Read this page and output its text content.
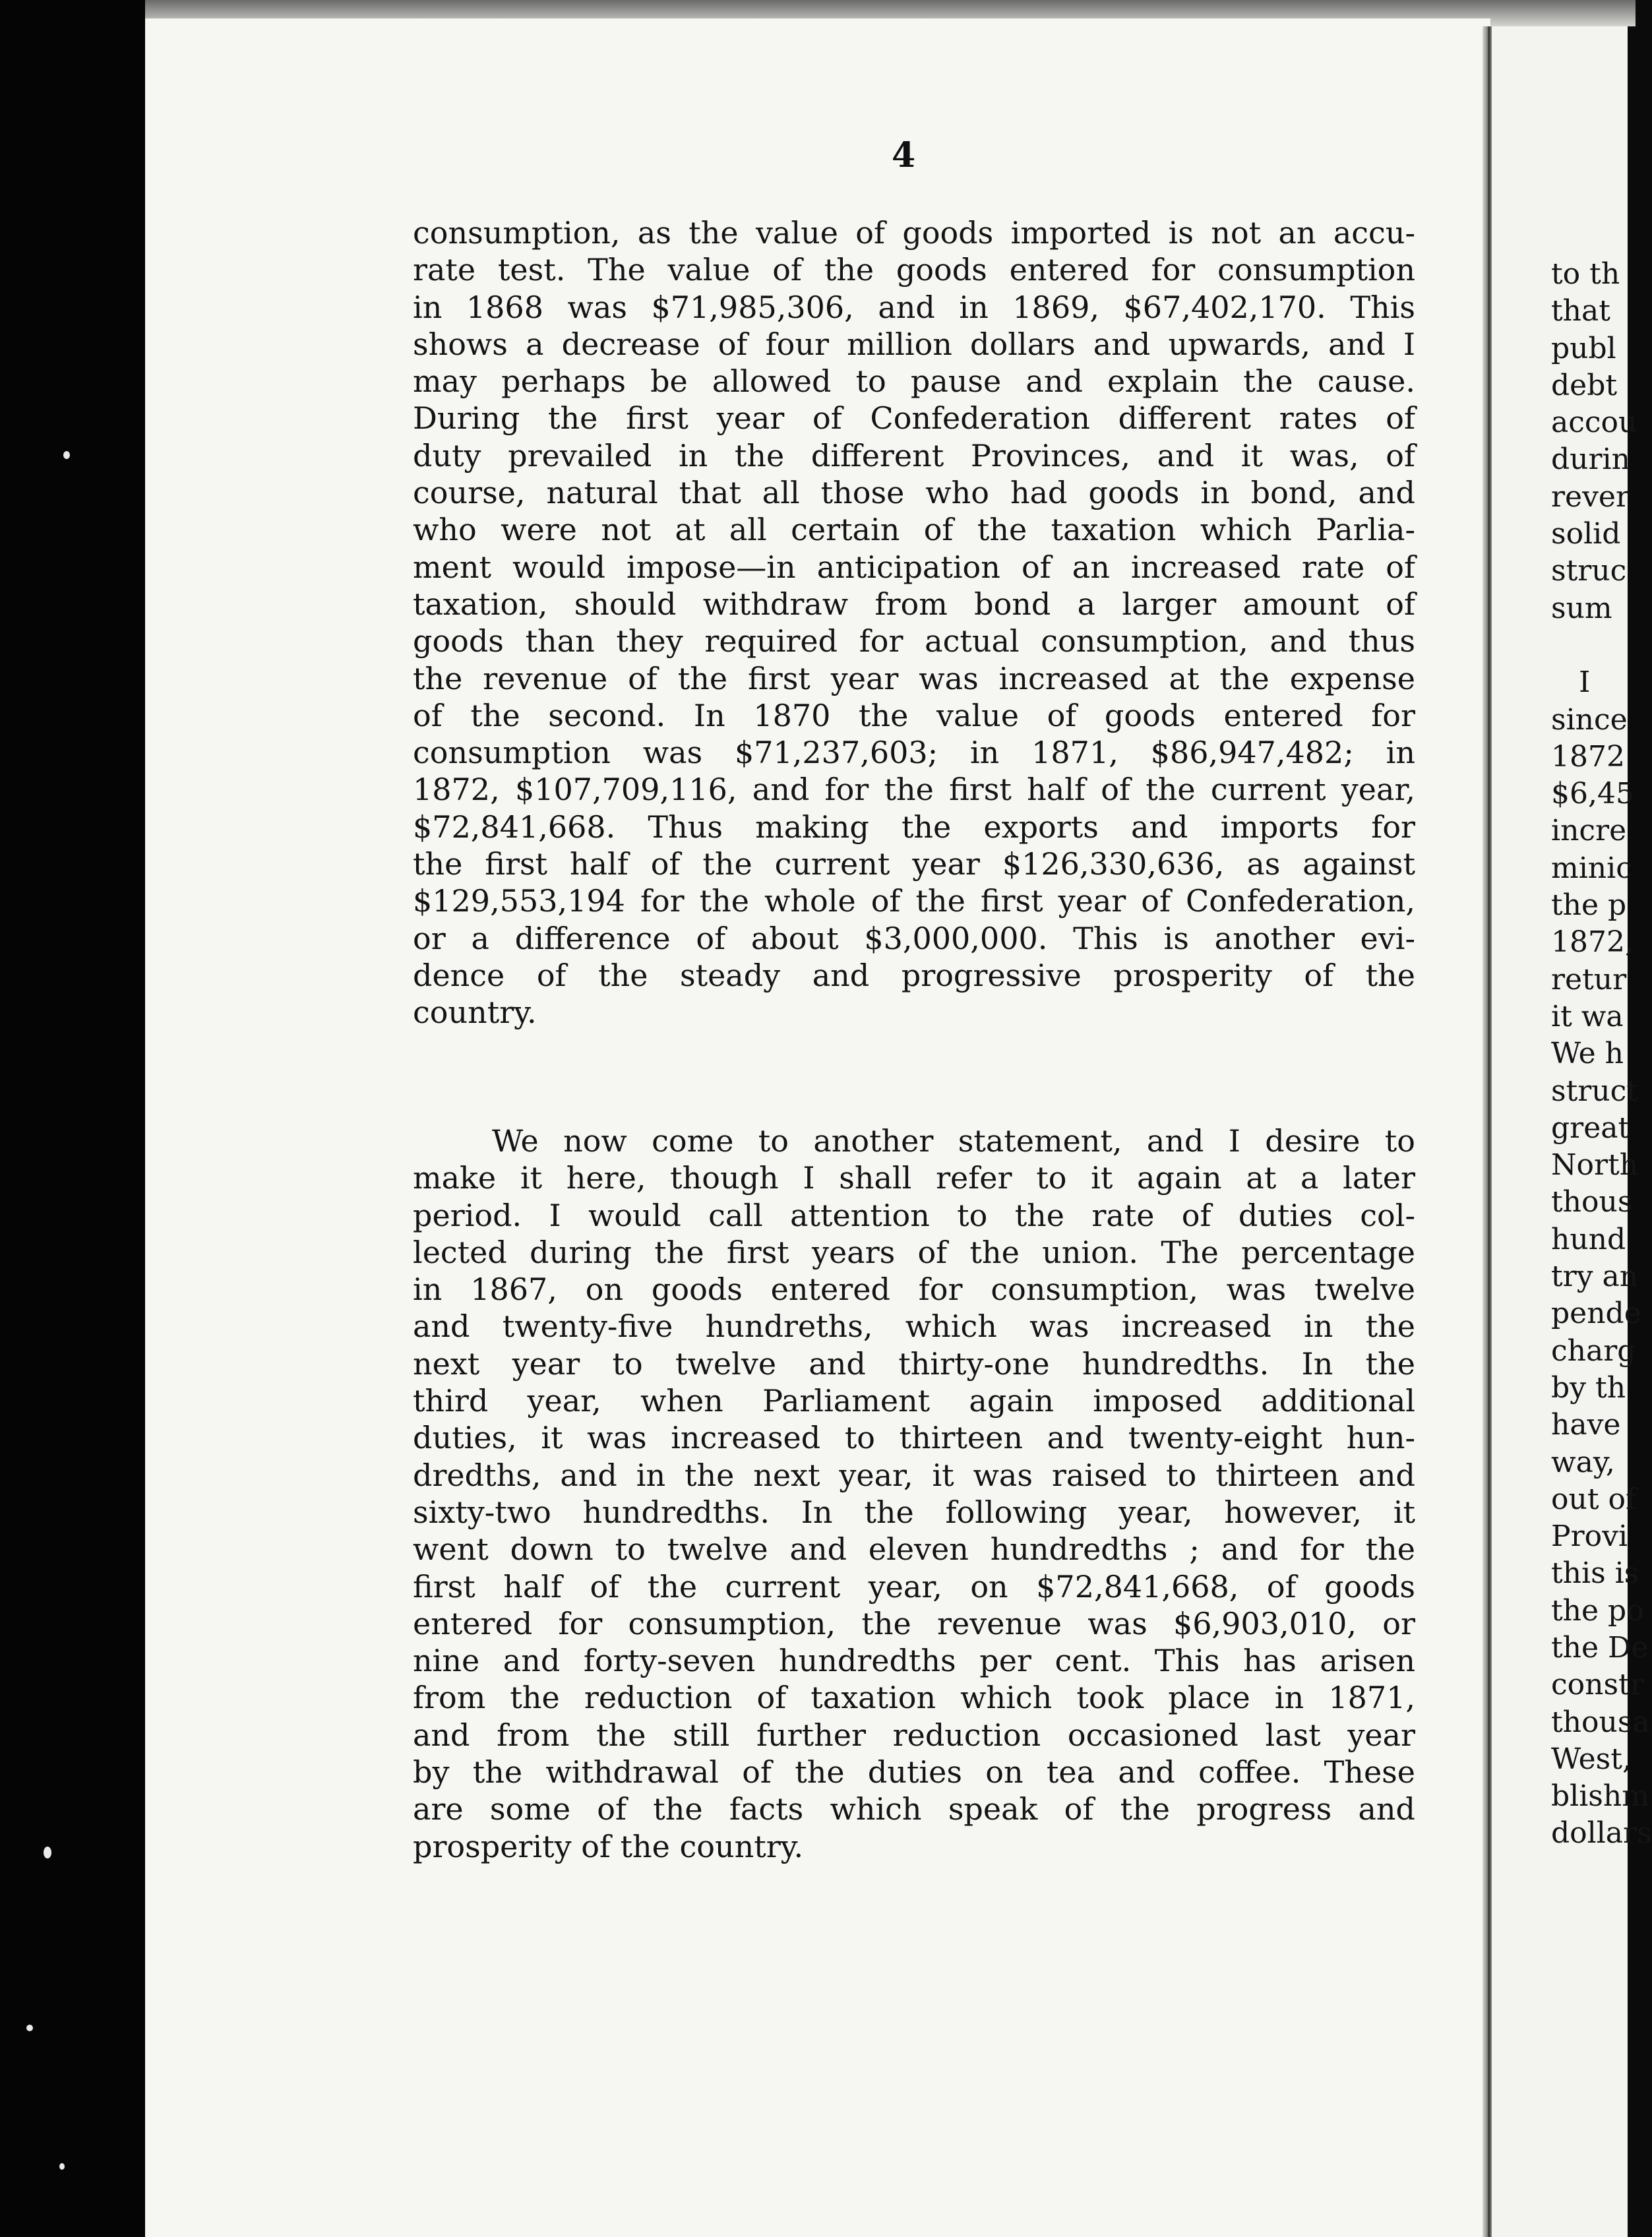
4

consumption, as the value of goods imported is not an accu-
rate test. The value of the goods entered for consumption
in 1868 was $71,985,306, and in 1869, $67,402,170. This
shows a decrease of four million dollars and upwards, and I
may perhaps be allowed to pause and explain the cause.
During the first year of Confederation different rates of
duty prevailed in the different Provinces, and it was, of
course, natural that all those who had goods in bond, and
who were not at all certain of the taxation which Parlia-
ment would impose—in anticipation of an increased rate of
taxation, should withdraw from bond a larger amount of
goods than they required for actual consumption, and thus
the revenue of the first year was increased at the expense
of the second. In 1870 the value of goods entered for
consumption was $71,237,603; in 1871, $86,947,482; in
1872, $107,709,116, and for the first half of the current year,
$72,841,668. Thus making the exports and imports for
the first half of the current year $126,330,636, as against
$129,553,194 for the whole of the first year of Confederation,
or a difference of about $3,000,000. This is another evi-
dence of the steady and progressive prosperity of the
country.
We now come to another statement, and I desire to
make it here, though I shall refer to it again at a later
period. I would call attention to the rate of duties col-
lected during the first years of the union. The percentage
in 1867, on goods entered for consumption, was twelve
and twenty-five hundreths, which was increased in the
next year to twelve and thirty-one hundredths. In the
third year, when Parliament again imposed additional
duties, it was increased to thirteen and twenty-eight hun-
dredths, and in the next year, it was raised to thirteen and
sixty-two hundredths. In the following year, however, it
went down to twelve and eleven hundredths ; and for the
first half of the current year, on $72,841,668, of goods
entered for consumption, the revenue was $6,903,010, or
nine and forty-seven hundredths per cent. This has arisen
from the reduction of taxation which took place in 1871,
and from the still further reduction occasioned last year
by the withdrawal of the duties on tea and coffee. These
are some of the facts which speak of the progress and
prosperity of the country.
to th
that
publ
debt
accou
durin
rever
solid
struc
sum
I
since
1872
$6,45
incre
minic
the p
1872,
retur
it wa
We h
struct
great
North
thous
hund
try an
pende
charg
by th
have
way,
out of
Provi
this is
the po
the De
constr
thousa
West,
blishm
dollars
